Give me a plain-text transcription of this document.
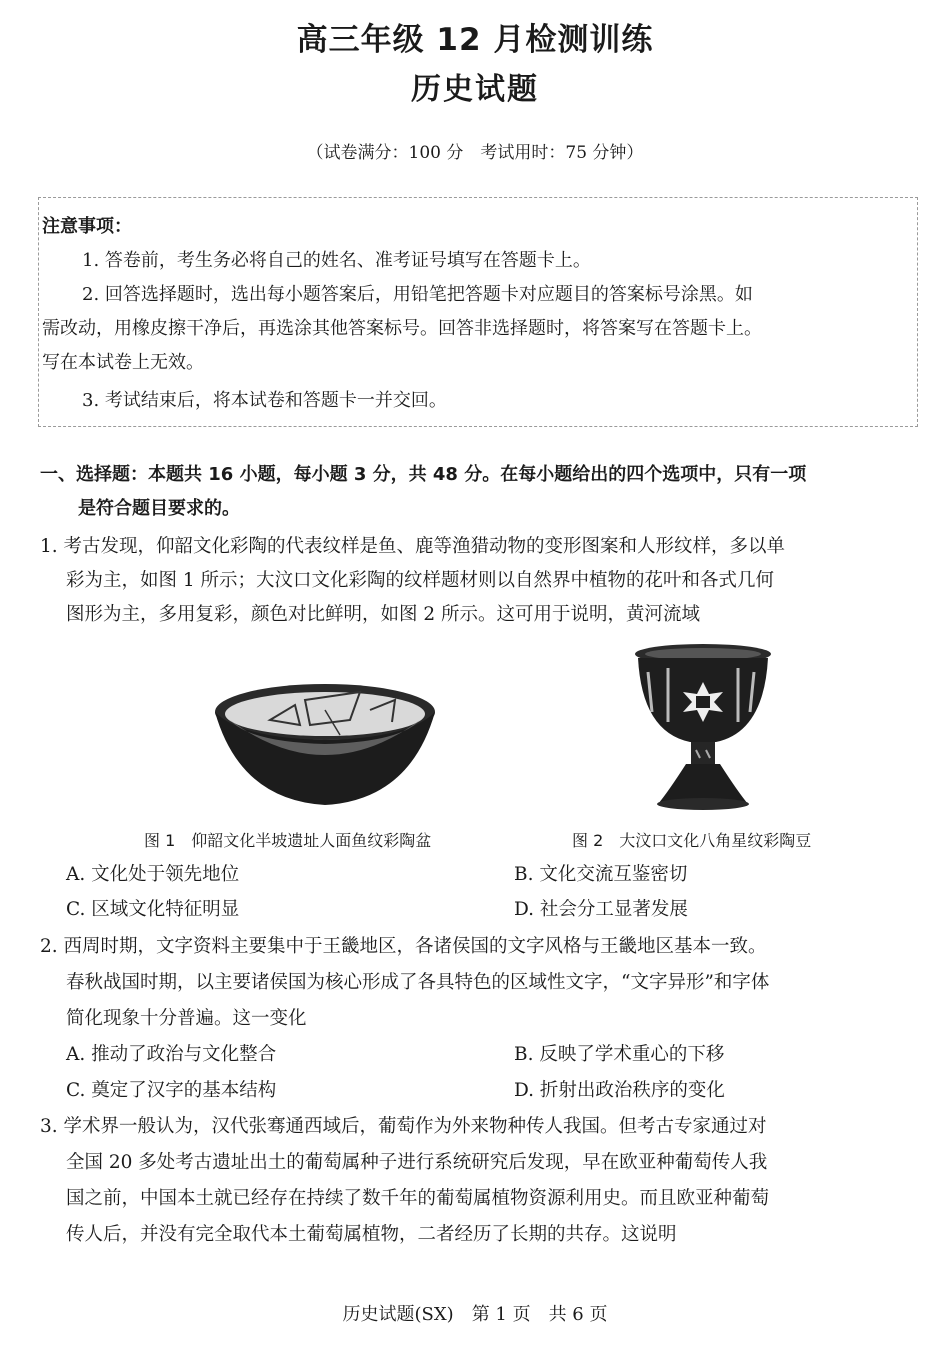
高三年级 12 月检测训练
历史试题
（试卷满分：100 分　考试用时：75 分钟）
注意事项：
1. 答卷前，考生务必将自己的姓名、准考证号填写在答题卡上。
2. 回答选择题时，选出每小题答案后，用铅笔把答题卡对应题目的答案标号涂黑。如
需改动，用橡皮擦干净后，再选涂其他答案标号。回答非选择题时，将答案写在答题卡上。
写在本试卷上无效。
3. 考试结束后，将本试卷和答题卡一并交回。
一、选择题：本题共 16 小题，每小题 3 分，共 48 分。在每小题给出的四个选项中，只有一项
是符合题目要求的。
1. 考古发现，仰韶文化彩陶的代表纹样是鱼、鹿等渔猎动物的变形图案和人形纹样，多以单
彩为主，如图 1 所示；大汶口文化彩陶的纹样题材则以自然界中植物的花叶和各式几何
图形为主，多用复彩，颜色对比鲜明，如图 2 所示。这可用于说明，黄河流域
图 1　仰韶文化半坡遗址人面鱼纹彩陶盆	图 2　大汶口文化八角星纹彩陶豆
A. 文化处于领先地位	B. 文化交流互鉴密切
C. 区域文化特征明显	D. 社会分工显著发展
2. 西周时期，文字资料主要集中于王畿地区，各诸侯国的文字风格与王畿地区基本一致。
春秋战国时期，以主要诸侯国为核心形成了各具特色的区域性文字，“文字异形”和字体
简化现象十分普遍。这一变化
A. 推动了政治与文化整合	B. 反映了学术重心的下移
C. 奠定了汉字的基本结构	D. 折射出政治秩序的变化
3. 学术界一般认为，汉代张骞通西域后，葡萄作为外来物种传人我国。但考古专家通过对
全国 20 多处考古遗址出土的葡萄属种子进行系统研究后发现，早在欧亚种葡萄传人我
国之前，中国本土就已经存在持续了数千年的葡萄属植物资源利用史。而且欧亚种葡萄
传人后，并没有完全取代本土葡萄属植物，二者经历了长期的共存。这说明
历史试题(SX)　第 1 页　共 6 页
